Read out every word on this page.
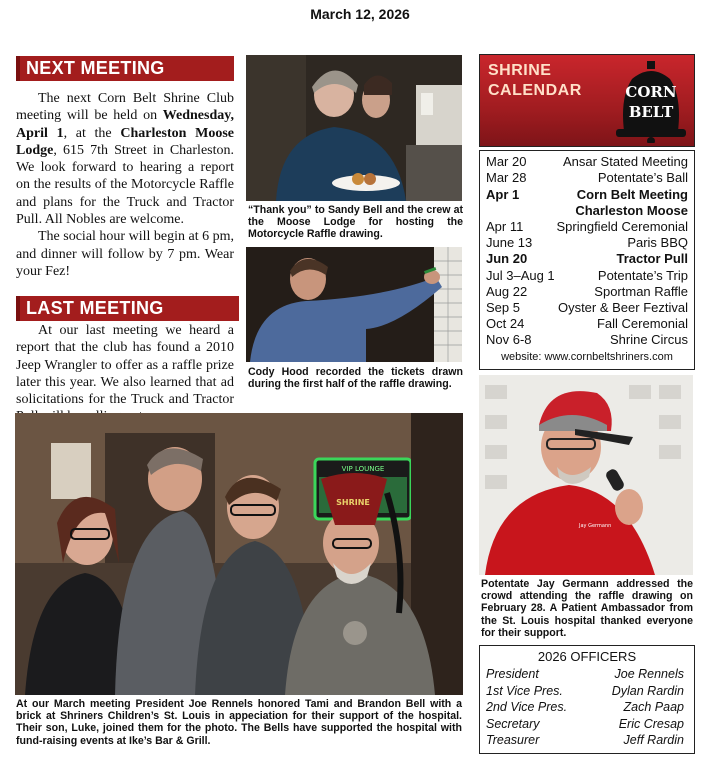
March 12, 2026
NEXT MEETING

The next Corn Belt Shrine Club meeting will be held on Wednesday, April 1, at the Charleston Moose Lodge, 615 7th Street in Charleston. We look forward to hearing a report on the results of the Motorcycle Raffle and plans for the Truck and Tractor Pull. All Nobles are welcome.

The social hour will begin at 6 pm, and dinner will follow by 7 pm. Wear your Fez!

LAST MEETING

At our last meeting we heard a report that the club has found a 2010 Jeep Wrangler to offer as a raffle prize later this year. We also learned that ad solicitations for the Truck and Tractor

“Thank you” to Sandy Bell and the crew at the Moose Lodge for hosting the Motorcycle Raffle drawing.
Cody Hood recorded the tickets drawn during the first half of the raffle drawing.
VIP LOUNGE
SHRINE
At our March meeting President Joe Rennels honored Tami and Brandon Bell with a brick at Shriners Children’s St. Louis in appeciation for their support of the hospital. Their son, Luke, joined them for the photo. The Bells have supported the hospital with fund-raising events at Ike’s Bar & Grill.
SHRINE
CALENDAR	CORN
BELT
Mar 20	Ansar Stated Meeting
Mar 28	Potentate’s Ball
Apr 1	Corn Belt Meeting
Charleston Moose
Apr 11	Springfield Ceremonial
June 13	Paris BBQ
Jun 20	Tractor Pull
Jul 3–Aug 1	Potentate’s Trip
Aug 22	Sportman Raffle
Sep 5	Oyster & Beer Feztival
Oct 24	Fall Ceremonial
Nov 6-8	Shrine Circus
website: www.cornbeltshriners.com
Jay Germann
Potentate Jay Germann addressed the crowd attending the raffle drawing on February 28. A Patient Ambassador from the St. Louis hospital thanked everyone for their support.
2026 OFFICERS
President	Joe Rennels
1st Vice Pres.	Dylan Rardin
2nd Vice Pres.	Zach Paap
Secretary	Eric Cresap
Treasurer	Jeff Rardin
